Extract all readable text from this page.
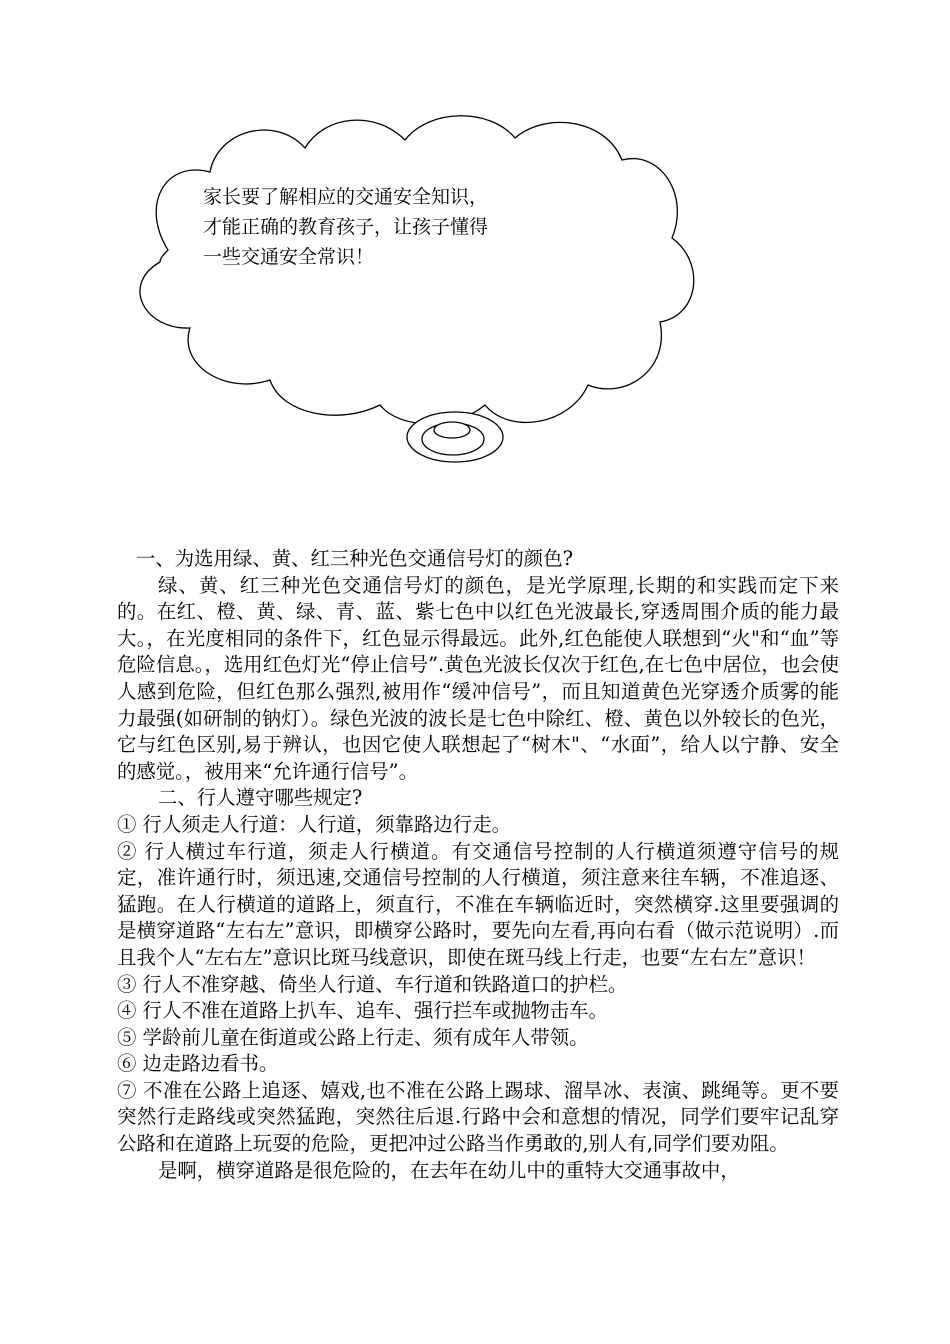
家长要了解相应的交通安全知识，
才能正确的教育孩子，让孩子懂得
一些交通安全常识！

一、为选用绿、黄、红三种光色交通信号灯的颜色?

绿、黄、红三种光色交通信号灯的颜色，是光学原理,长期的和实践而定下来的。在红、橙、黄、绿、青、蓝、紫七色中以红色光波最长,穿透周围介质的能力最大。，在光度相同的条件下，红色显示得最远。此外,红色能使人联想到“火"和“血”等危险信息。，选用红色灯光“停止信号”.黄色光波长仅次于红色,在七色中居位，也会使人感到危险，但红色那么强烈,被用作“缓冲信号”，而且知道黄色光穿透介质雾的能力最强(如研制的钠灯）。绿色光波的波长是七色中除红、橙、黄色以外较长的色光，它与红色区别,易于辨认，也因它使人联想起了“树木"、“水面”，给人以宁静、安全的感觉。，被用来“允许通行信号”。

二、行人遵守哪些规定?

① 行人须走人行道：人行道，须靠路边行走。

② 行人横过车行道，须走人行横道。有交通信号控制的人行横道须遵守信号的规定，准许通行时，须迅速,交通信号控制的人行横道，须注意来往车辆，不准追逐、猛跑。在人行横道的道路上，须直行，不准在车辆临近时，突然横穿.这里要强调的是横穿道路“左右左”意识，即横穿公路时，要先向左看,再向右看（做示范说明）.而且我个人“左右左”意识比斑马线意识，即使在斑马线上行走，也要“左右左”意识！

③ 行人不准穿越、倚坐人行道、车行道和铁路道口的护栏。

④ 行人不准在道路上扒车、追车、强行拦车或抛物击车。

⑤ 学龄前儿童在街道或公路上行走、须有成年人带领。

⑥ 边走路边看书。

⑦ 不准在公路上追逐、嬉戏,也不准在公路上踢球、溜旱冰、表演、跳绳等。更不要突然行走路线或突然猛跑，突然往后退.行路中会和意想的情况，同学们要牢记乱穿公路和在道路上玩耍的危险，更把冲过公路当作勇敢的,别人有,同学们要劝阻。

是啊，横穿道路是很危险的，在去年在幼儿中的重特大交通事故中，
